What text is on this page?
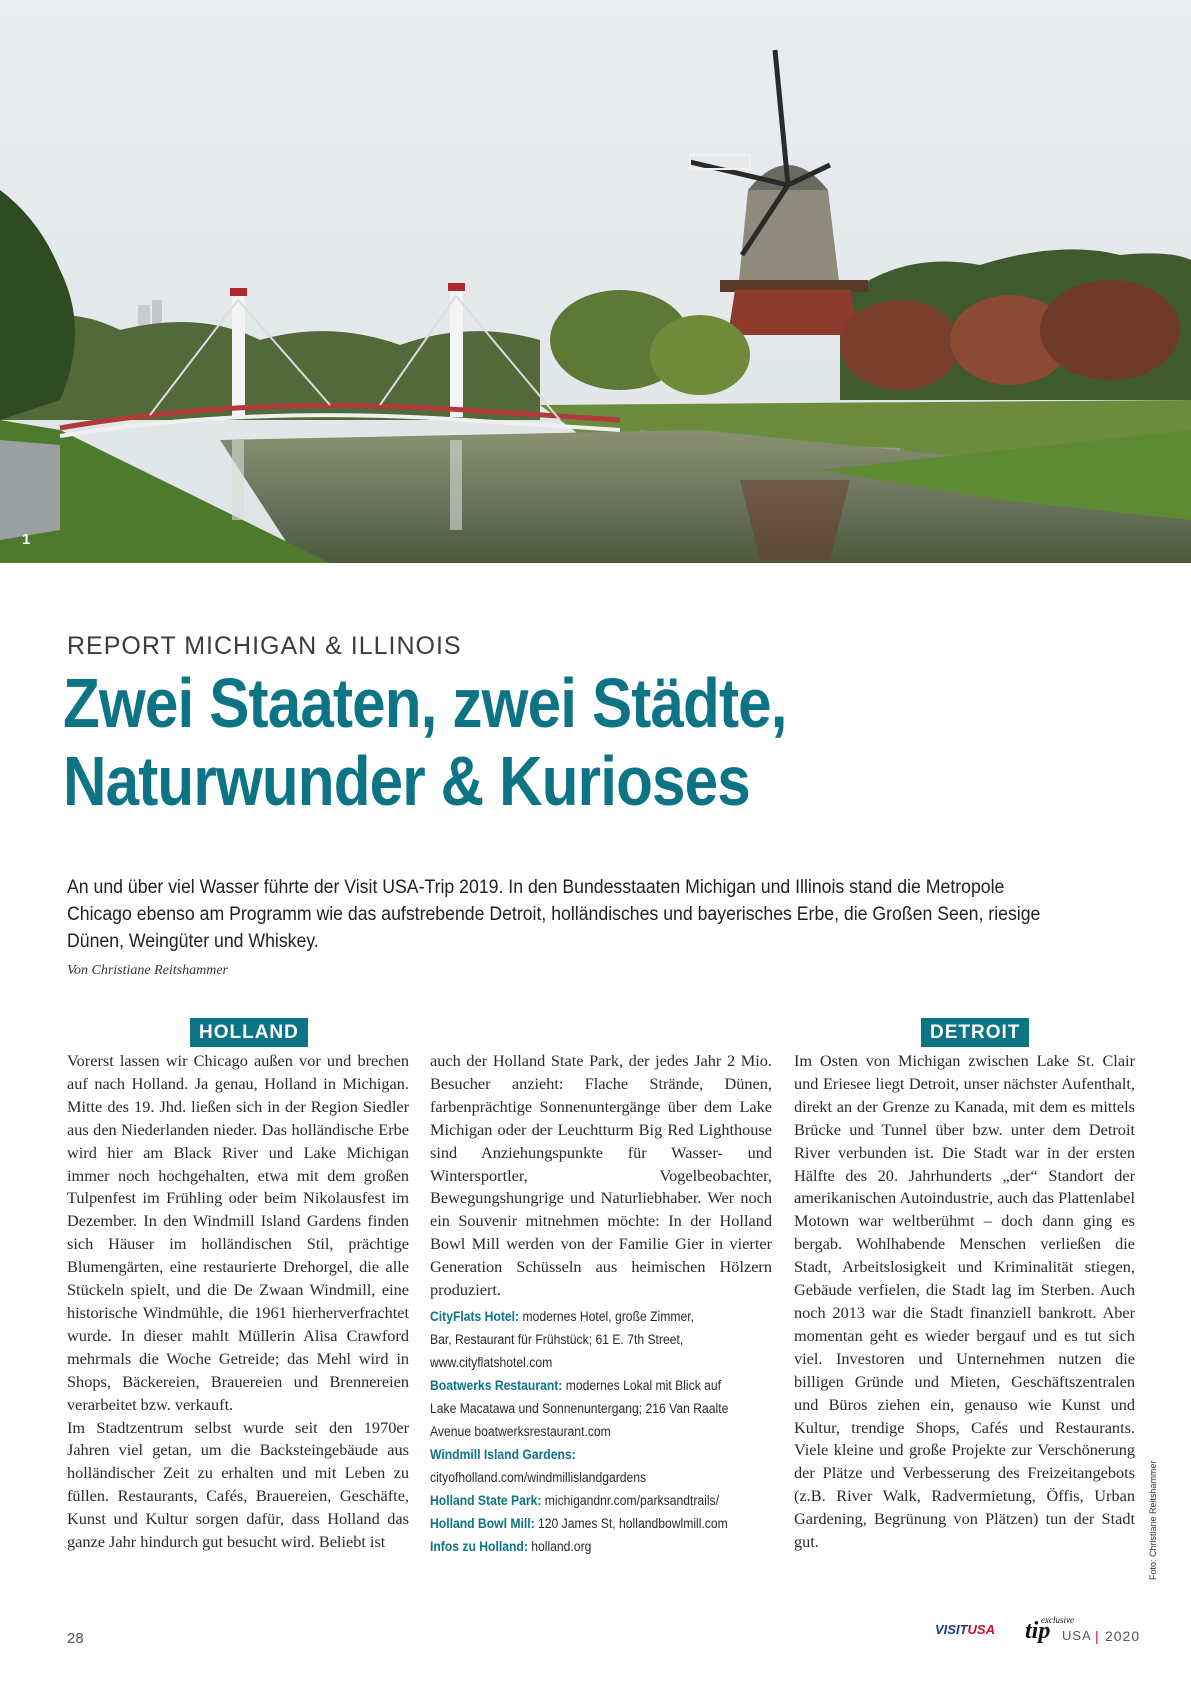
1
REPORT MICHIGAN & ILLINOIS
Zwei Staaten, zwei Städte,
Naturwunder & Kurioses

An und über viel Wasser führte der Visit USA-Trip 2019. In den Bundesstaaten Michigan und Illinois stand die Metropole Chicago ebenso am Programm wie das aufstrebende Detroit, holländisches und bayerisches Erbe, die Großen Seen, riesige Dünen, Weingüter und Whiskey.

Von Christiane Reitshammer
HOLLAND	DETROIT

Vorerst lassen wir Chicago außen vor und brechen auf nach Holland. Ja genau, Holland in Michigan. Mitte des 19. Jhd. ließen sich in der Region Siedler aus den Niederlanden nieder. Das holländische Erbe wird hier am Black River und Lake Michigan immer noch hochgehalten, etwa mit dem großen Tulpenfest im Frühling oder beim Nikolausfest im Dezember. In den Windmill Island Gardens finden sich Häuser im holländischen Stil, prächtige Blumengärten, eine restaurierte Drehorgel, die alle Stückeln spielt, und die De Zwaan Windmill, eine historische Windmühle, die 1961 hierherverfrachtet wurde. In dieser mahlt Müllerin Alisa Crawford mehrmals die Woche Getreide; das Mehl wird in Shops, Bäckereien, Brauereien und Brennereien verarbeitet bzw. verkauft.

Im Stadtzentrum selbst wurde seit den 1970er Jahren viel getan, um die Backsteingebäude aus holländischer Zeit zu erhalten und mit Leben zu füllen. Restaurants, Cafés, Brauereien, Geschäfte, Kunst und Kultur sorgen dafür, dass Holland das ganze Jahr hindurch gut besucht wird. Beliebt ist

auch der Holland State Park, der jedes Jahr 2 Mio. Besucher anzieht: Flache Strände, Dünen, farbenprächtige Sonnenuntergänge über dem Lake Michigan oder der Leuchtturm Big Red Lighthouse sind Anziehungspunkte für Wasser- und Wintersportler, Vogelbeobachter, Bewegungshungrige und Naturliebhaber. Wer noch ein Souvenir mitnehmen möchte: In der Holland Bowl Mill werden von der Familie Gier in vierter Generation Schüsseln aus heimischen Hölzern produziert.

CityFlats Hotel: modernes Hotel, große Zimmer,
Bar, Restaurant für Frühstück; 61 E. 7th Street,
www.cityflatshotel.com
Boatwerks Restaurant: modernes Lokal mit Blick auf
Lake Macatawa und Sonnenuntergang; 216 Van Raalte
Avenue boatwerksrestaurant.com
Windmill Island Gardens:
cityofholland.com/windmillislandgardens
Holland State Park: michigandnr.com/parksandtrails/
Holland Bowl Mill: 120 James St, hollandbowlmill.com
Infos zu Holland: holland.org

Im Osten von Michigan zwischen Lake St. Clair und Eriesee liegt Detroit, unser nächster Aufenthalt, direkt an der Grenze zu Kanada, mit dem es mittels Brücke und Tunnel über bzw. unter dem Detroit River verbunden ist. Die Stadt war in der ersten Hälfte des 20. Jahrhunderts „der“ Standort der amerikanischen Autoindustrie, auch das Plattenlabel Motown war weltberühmt – doch dann ging es bergab. Wohlhabende Menschen verließen die Stadt, Arbeitslosigkeit und Kriminalität stiegen, Gebäude verfielen, die Stadt lag im Sterben. Auch noch 2013 war die Stadt finanziell bankrott. Aber momentan geht es wieder bergauf und es tut sich viel. Investoren und Unternehmen nutzen die billigen Gründe und Mieten, Geschäftszentralen und Büros ziehen ein, genauso wie Kunst und Kultur, trendige Shops, Cafés und Restaurants. Viele kleine und große Projekte zur Verschönerung der Plätze und Verbesserung des Freizeitangebots (z.B. River Walk, Radvermietung, Öffis, Urban Gardening, Begrünung von Plätzen) tun der Stadt gut.	Foto: Christiane Reitshammer
28
VISITUSA
exclusive
tip USA | 2020
